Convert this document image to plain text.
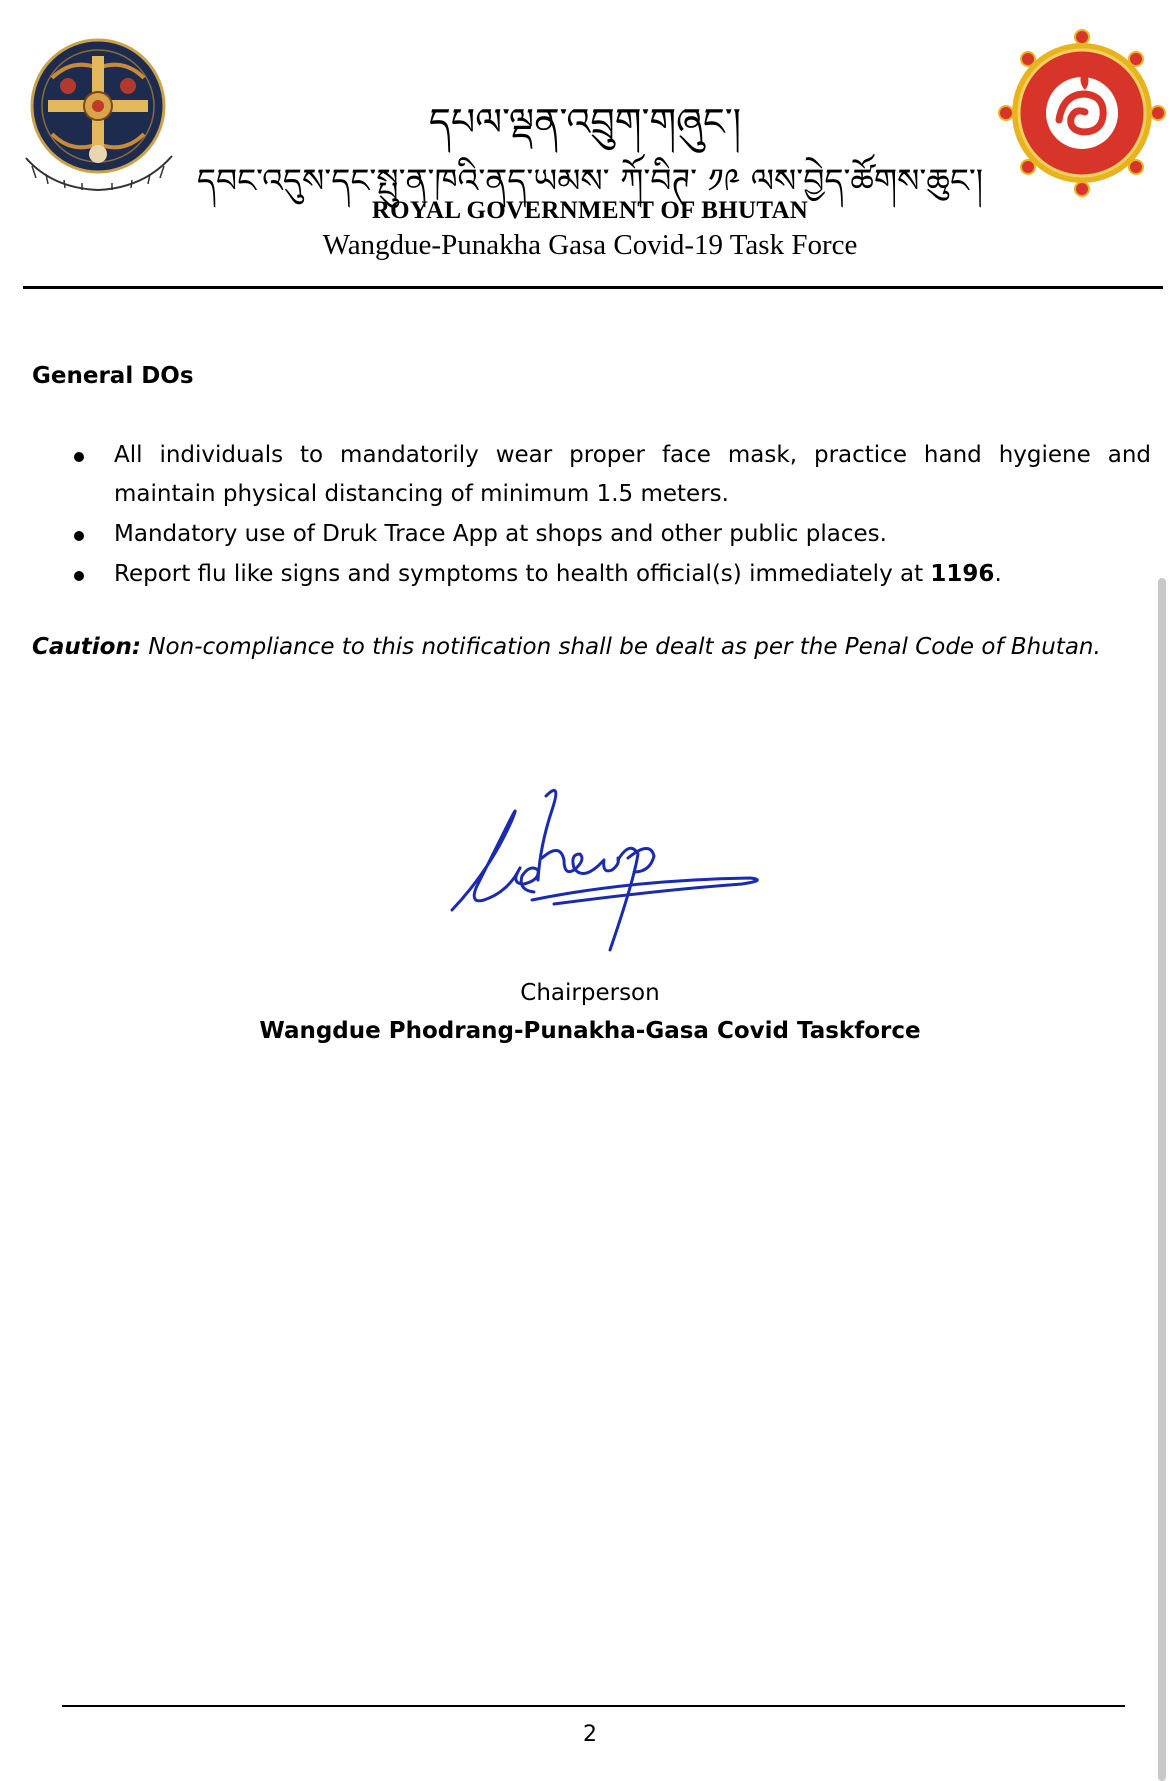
དཔལ་ལྡན་འབྲུག་གཞུང་།
དབང་འདུས་དང་སྤུ་ན་ཁའི་ནད་ཡམས་ ཀོ་བིཊ་ ༡༩ ལས་བྱེད་ཚོགས་ཆུང་།
ROYAL GOVERNMENT OF BHUTAN
Wangdue-Punakha Gasa Covid-19 Task Force
General DOs
All individuals to mandatorily wear proper face mask, practice hand hygiene and maintain physical distancing of minimum 1.5 meters.
Mandatory use of Druk Trace App at shops and other public places.
Report flu like signs and symptoms to health official(s) immediately at 1196.
Caution: Non-compliance to this notification shall be dealt as per the Penal Code of Bhutan.
Chairperson
Wangdue Phodrang-Punakha-Gasa Covid Taskforce
2
